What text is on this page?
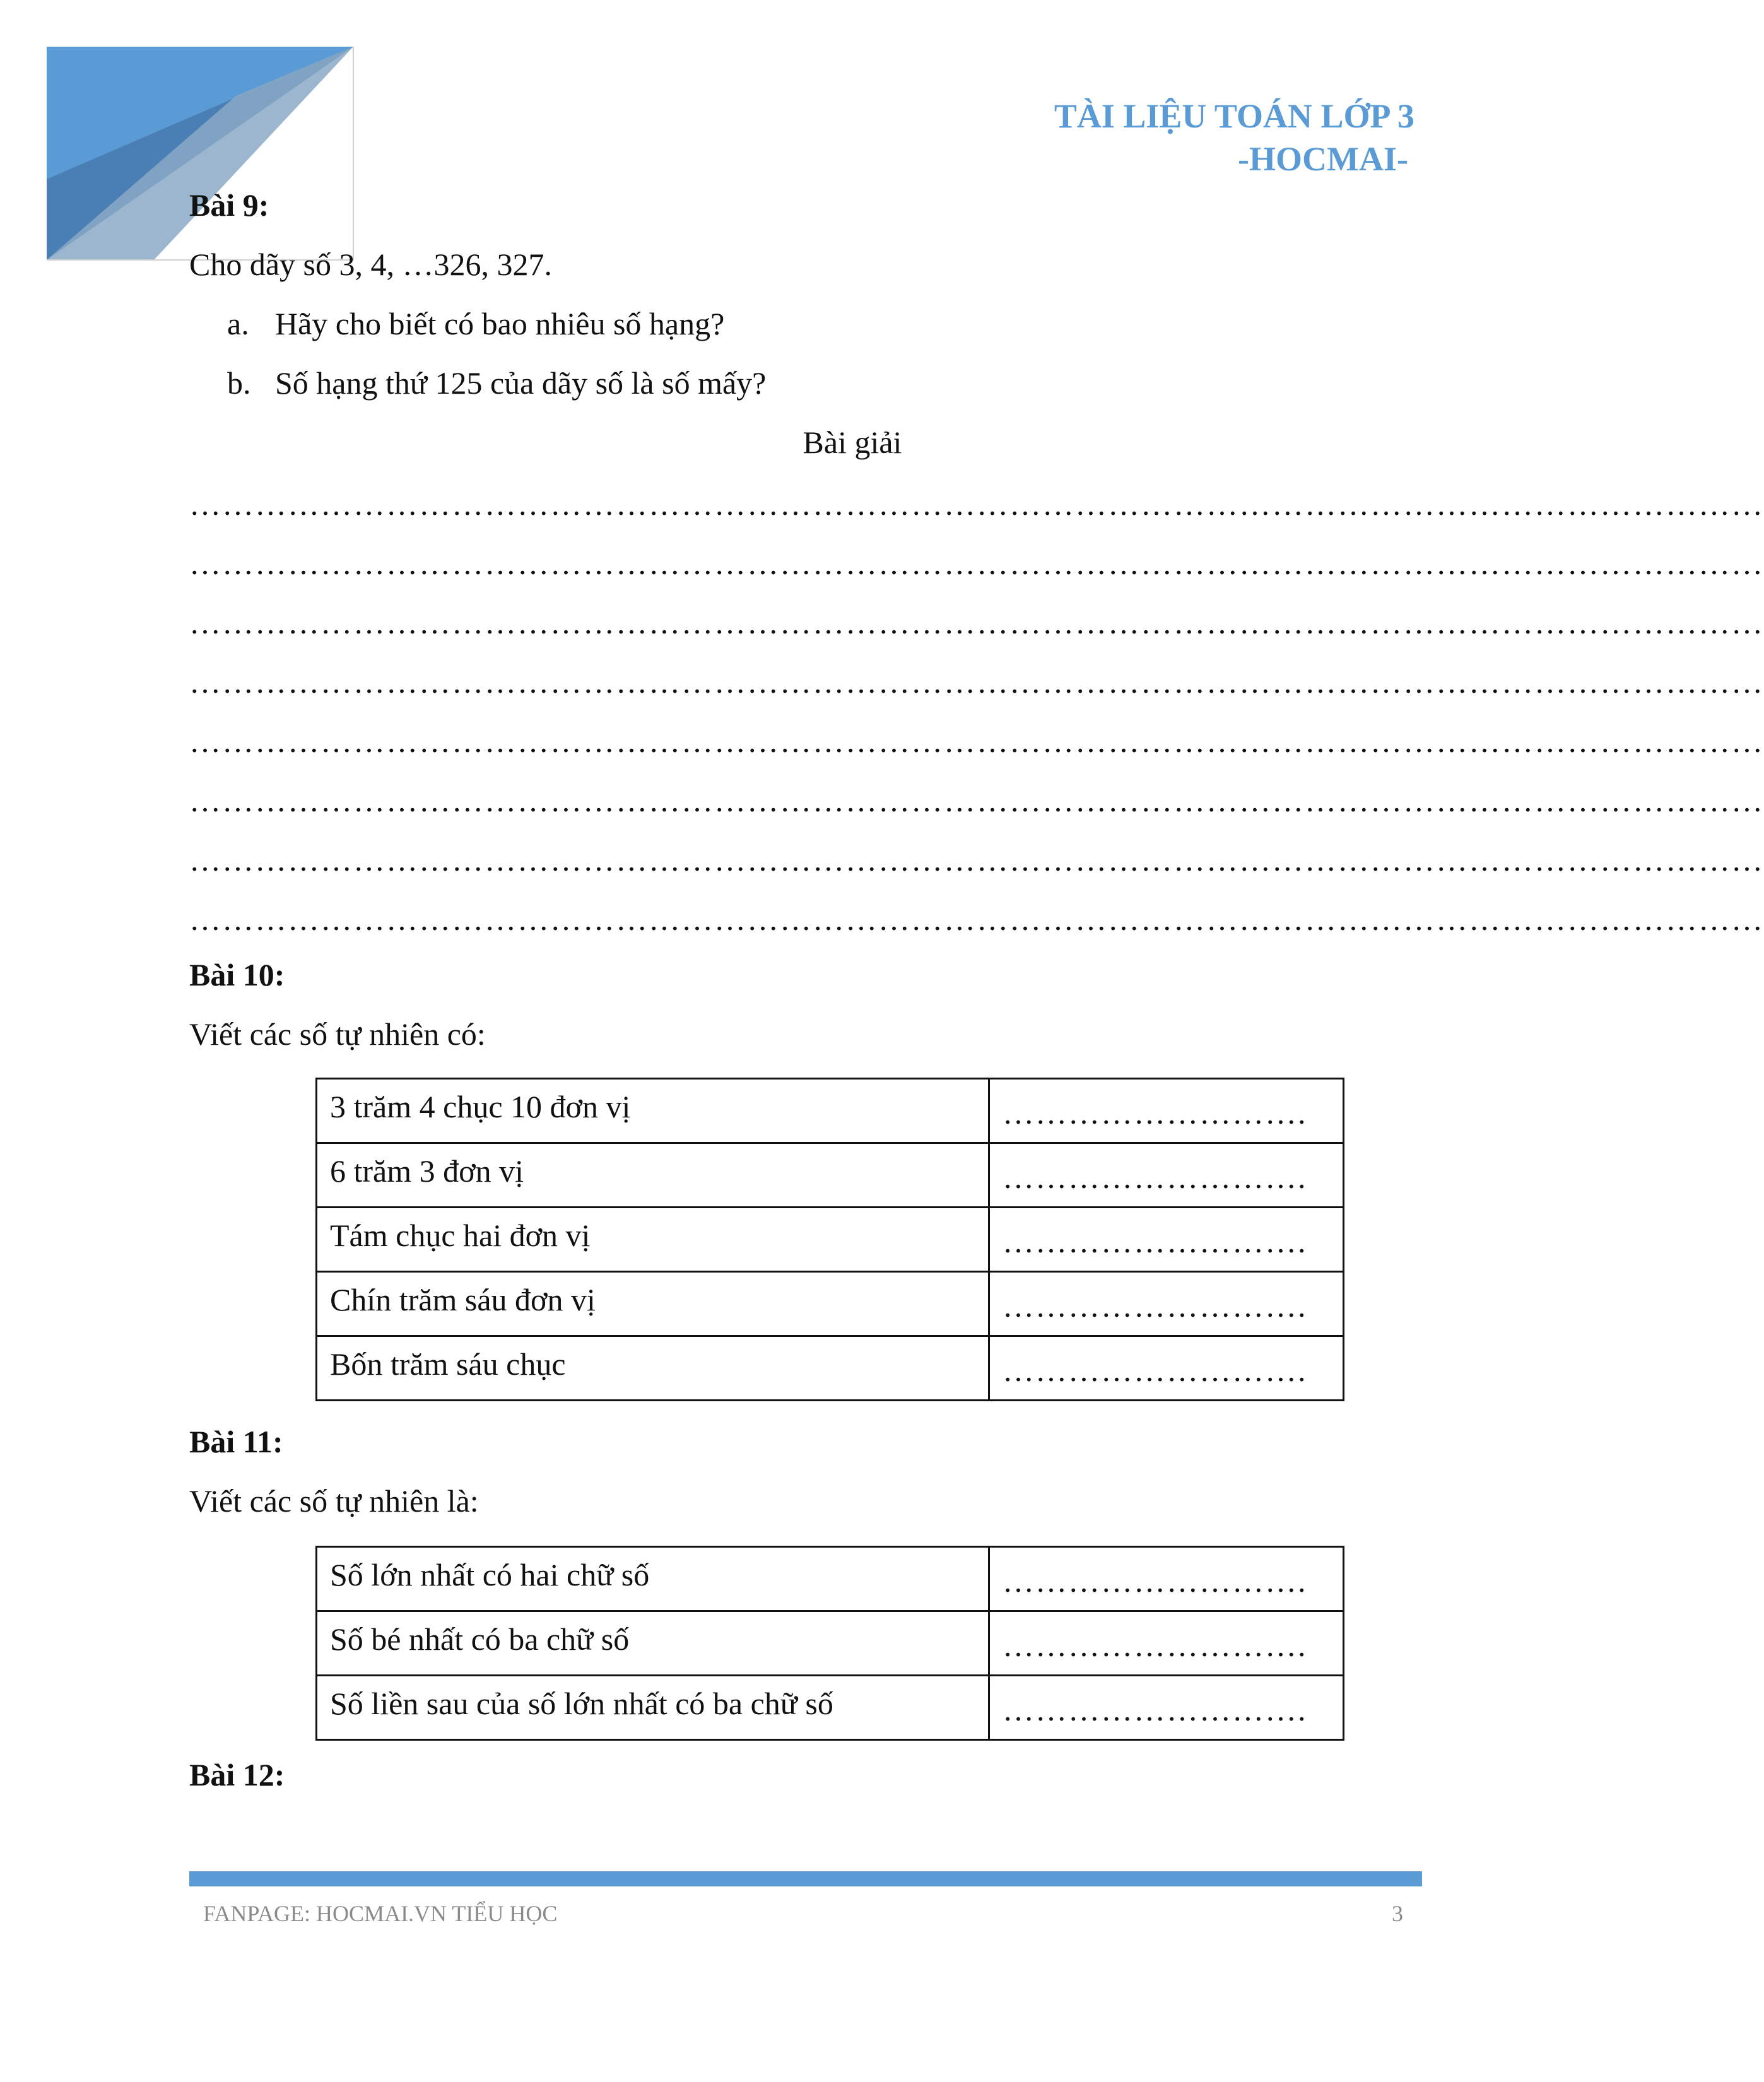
TÀI LIỆU TOÁN LỚP 3
-HOCMAI-
Bài 9:
Cho dãy số 3, 4, …326, 327.
a. Hãy cho biết có bao nhiêu số hạng?
b. Số hạng thứ 125 của dãy số là số mấy?
Bài giải
………………………………………………………………………………………………………………………………
………………………………………………………………………………………………………………………………
………………………………………………………………………………………………………………………………
………………………………………………………………………………………………………………………………
………………………………………………………………………………………………………………………………
………………………………………………………………………………………………………………………………
………………………………………………………………………………………………………………………………
………………………………………………………………………………………………………………………………
Bài 10:
Viết các số tự nhiên có:
3 trăm 4 chục 10 đơn vị	……………………….
6 trăm 3 đơn vị	……………………….
Tám chục hai đơn vị	……………………….
Chín trăm sáu đơn vị	……………………….
Bốn trăm sáu chục	……………………….
Bài 11:
Viết các số tự nhiên là:
Số lớn nhất có hai chữ số	……………………….
Số bé nhất có ba chữ số	……………………….
Số liền sau của số lớn nhất có ba chữ số	……………………….
Bài 12:
FANPAGE: HOCMAI.VN TIỂU HỌC	3
